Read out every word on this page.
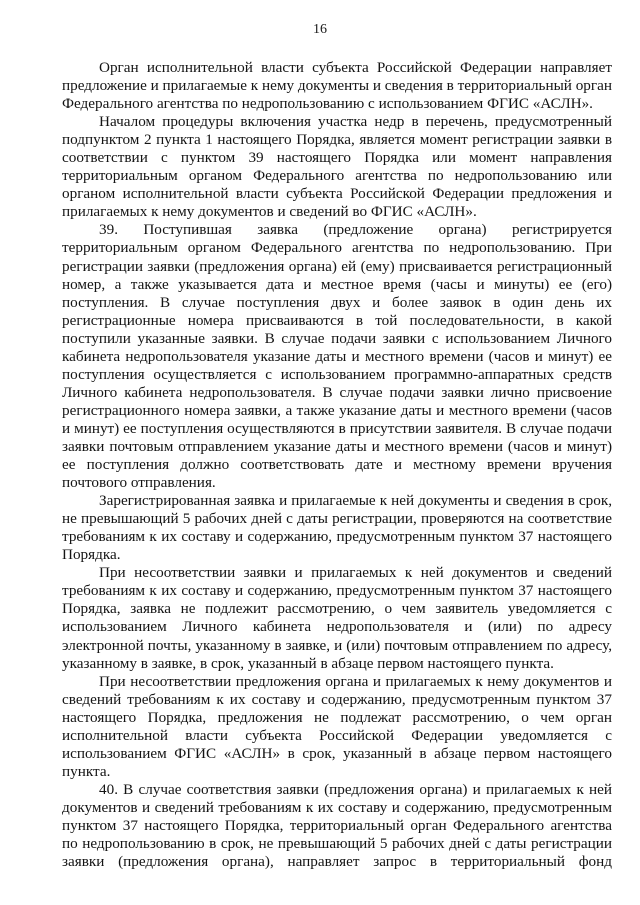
16

Орган исполнительной власти субъекта Российской Федерации направляет предложение и прилагаемые к нему документы и сведения в территориальный орган Федерального агентства по недропользованию с использованием ФГИС «АСЛН».

Началом процедуры включения участка недр в перечень, предусмотренный подпунктом 2 пункта 1 настоящего Порядка, является момент регистрации заявки в соответствии с пунктом 39 настоящего Порядка или момент направления территориальным органом Федерального агентства по недропользованию или органом исполнительной власти субъекта Российской Федерации предложения и прилагаемых к нему документов и сведений во ФГИС «АСЛН».

39. Поступившая заявка (предложение органа) регистрируется территориальным органом Федерального агентства по недропользованию. При регистрации заявки (предложения органа) ей (ему) присваивается регистрационный номер, а также указывается дата и местное время (часы и минуты) ее (его) поступления. В случае поступления двух и более заявок в один день их регистрационные номера присваиваются в той последовательности, в какой поступили указанные заявки. В случае подачи заявки с использованием Личного кабинета недропользователя указание даты и местного времени (часов и минут) ее поступления осуществляется с использованием программно-аппаратных средств Личного кабинета недропользователя. В случае подачи заявки лично присвоение регистрационного номера заявки, а также указание даты и местного времени (часов и минут) ее поступления осуществляются в присутствии заявителя. В случае подачи заявки почтовым отправлением указание даты и местного времени (часов и минут) ее поступления должно соответствовать дате и местному времени вручения почтового отправления.

Зарегистрированная заявка и прилагаемые к ней документы и сведения в срок, не превышающий 5 рабочих дней с даты регистрации, проверяются на соответствие требованиям к их составу и содержанию, предусмотренным пунктом 37 настоящего Порядка.

При несоответствии заявки и прилагаемых к ней документов и сведений требованиям к их составу и содержанию, предусмотренным пунктом 37 настоящего Порядка, заявка не подлежит рассмотрению, о чем заявитель уведомляется с использованием Личного кабинета недропользователя и (или) по адресу электронной почты, указанному в заявке, и (или) почтовым отправлением по адресу, указанному в заявке, в срок, указанный в абзаце первом настоящего пункта.

При несоответствии предложения органа и прилагаемых к нему документов и сведений требованиям к их составу и содержанию, предусмотренным пунктом 37 настоящего Порядка, предложения не подлежат рассмотрению, о чем орган исполнительной власти субъекта Российской Федерации уведомляется с использованием ФГИС «АСЛН» в срок, указанный в абзаце первом настоящего пункта.

40. В случае соответствия заявки (предложения органа) и прилагаемых к ней документов и сведений требованиям к их составу и содержанию, предусмотренным пунктом 37 настоящего Порядка, территориальный орган Федерального агентства по недропользованию в срок, не превышающий 5 рабочих дней с даты регистрации заявки (предложения органа), направляет запрос в территориальный фонд
